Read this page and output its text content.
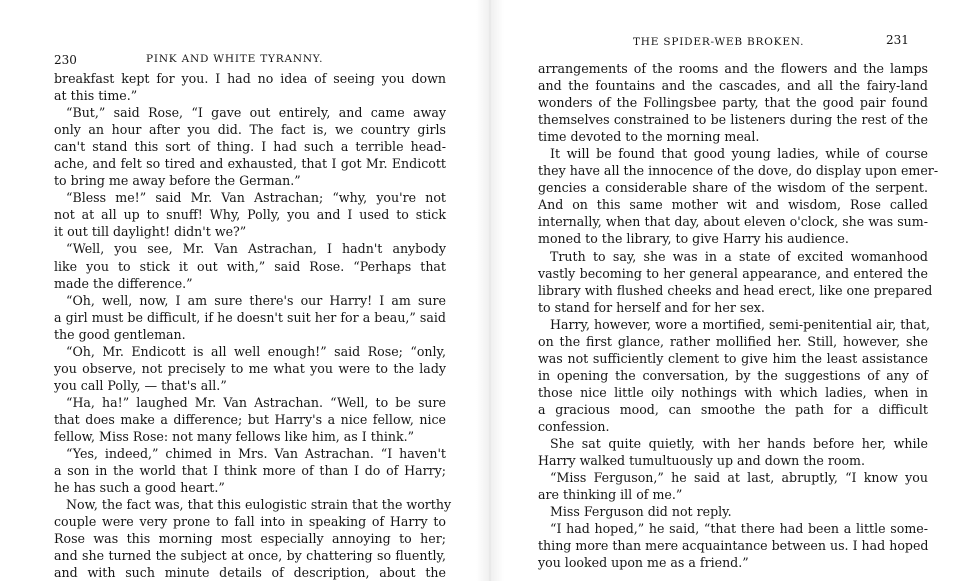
230	PINK AND WHITE TYRANNY.
breakfast kept for you. I had no idea of seeing you down
at this time.”
“But,” said Rose, “I gave out entirely, and came away
only an hour after you did. The fact is, we country girls
can't stand this sort of thing. I had such a terrible head-
ache, and felt so tired and exhausted, that I got Mr. Endicott
to bring me away before the German.”
“Bless me!” said Mr. Van Astrachan; “why, you're not
not at all up to snuff! Why, Polly, you and I used to stick
it out till daylight! didn't we?”
“Well, you see, Mr. Van Astrachan, I hadn't anybody
like you to stick it out with,” said Rose. “Perhaps that
made the difference.”
“Oh, well, now, I am sure there's our Harry! I am sure
a girl must be difficult, if he doesn't suit her for a beau,” said
the good gentleman.
“Oh, Mr. Endicott is all well enough!” said Rose; “only,
you observe, not precisely to me what you were to the lady
you call Polly, — that's all.”
“Ha, ha!” laughed Mr. Van Astrachan. “Well, to be sure
that does make a difference; but Harry's a nice fellow, nice
fellow, Miss Rose: not many fellows like him, as I think.”
“Yes, indeed,” chimed in Mrs. Van Astrachan. “I haven't
a son in the world that I think more of than I do of Harry;
he has such a good heart.”
Now, the fact was, that this eulogistic strain that the worthy
couple were very prone to fall into in speaking of Harry to
Rose was this morning most especially annoying to her;
and she turned the subject at once, by chattering so fluently,
and with such minute details of description, about the
THE SPIDER-WEB BROKEN.	231
arrangements of the rooms and the flowers and the lamps
and the fountains and the cascades, and all the fairy-land
wonders of the Follingsbee party, that the good pair found
themselves constrained to be listeners during the rest of the
time devoted to the morning meal.
It will be found that good young ladies, while of course
they have all the innocence of the dove, do display upon emer-
gencies a considerable share of the wisdom of the serpent.
And on this same mother wit and wisdom, Rose called
internally, when that day, about eleven o'clock, she was sum-
moned to the library, to give Harry his audience.
Truth to say, she was in a state of excited womanhood
vastly becoming to her general appearance, and entered the
library with flushed cheeks and head erect, like one prepared
to stand for herself and for her sex.
Harry, however, wore a mortified, semi-penitential air, that,
on the first glance, rather mollified her. Still, however, she
was not sufficiently clement to give him the least assistance
in opening the conversation, by the suggestions of any of
those nice little oily nothings with which ladies, when in
a gracious mood, can smoothe the path for a difficult
confession.
She sat quite quietly, with her hands before her, while
Harry walked tumultuously up and down the room.
“Miss Ferguson,” he said at last, abruptly, “I know you
are thinking ill of me.”
Miss Ferguson did not reply.
“I had hoped,” he said, “that there had been a little some-
thing more than mere acquaintance between us. I had hoped
you looked upon me as a friend.”
